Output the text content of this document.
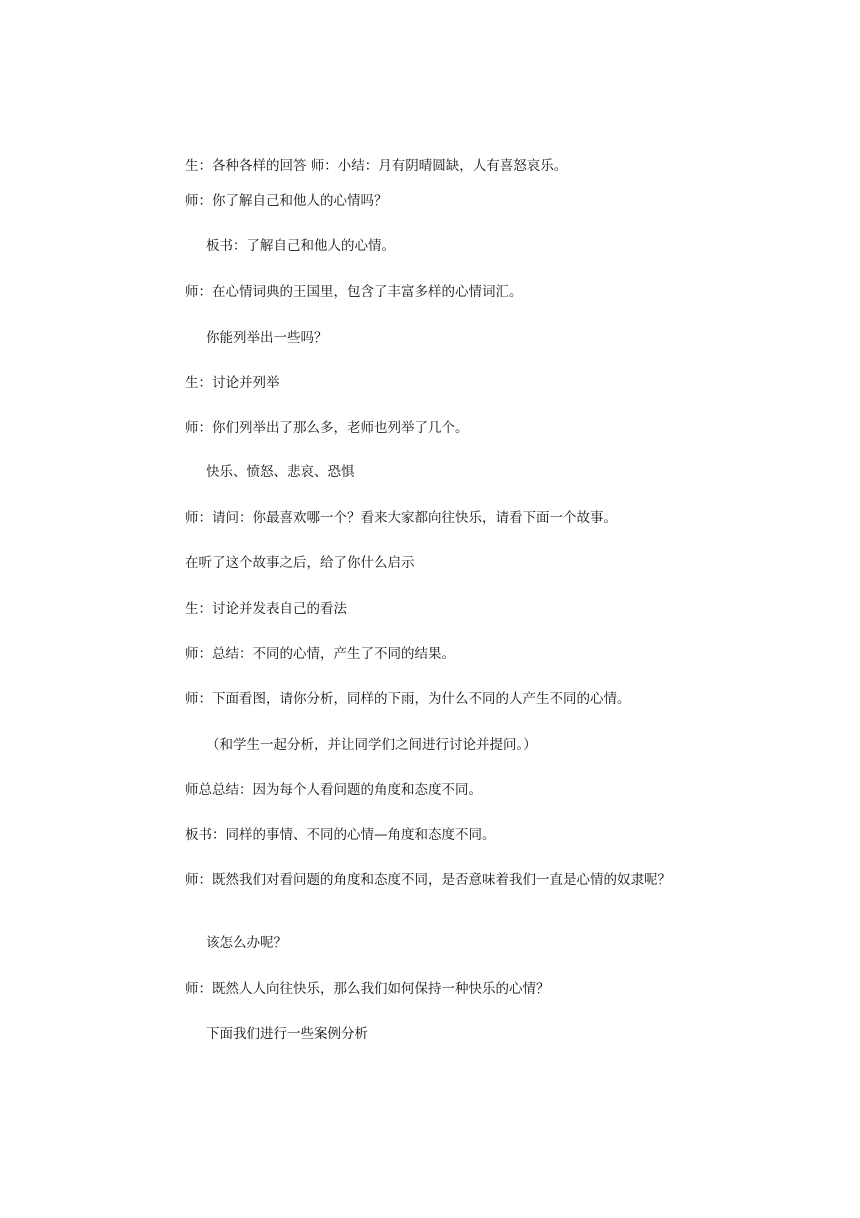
生：各种各样的回答 师：小结：月有阴晴圆缺，人有喜怒哀乐。
师：你了解自己和他人的心情吗？
板书：了解自己和他人的心情。
师：在心情词典的王国里，包含了丰富多样的心情词汇。
你能列举出一些吗？
生：讨论并列举
师：你们列举出了那么多，老师也列举了几个。
快乐、愤怒、悲哀、恐惧
师：请问：你最喜欢哪一个？看来大家都向往快乐，请看下面一个故事。
在听了这个故事之后，给了你什么启示
生：讨论并发表自己的看法
师：总结：不同的心情，产生了不同的结果。
师：下面看图，请你分析，同样的下雨，为什么不同的人产生不同的心情。
（和学生一起分析，并让同学们之间进行讨论并提问。）
师总总结：因为每个人看问题的角度和态度不同。
板书：同样的事情、不同的心情—角度和态度不同。
师：既然我们对看问题的角度和态度不同，是否意味着我们一直是心情的奴隶呢？
该怎么办呢？
师：既然人人向往快乐，那么我们如何保持一种快乐的心情？
下面我们进行一些案例分析
